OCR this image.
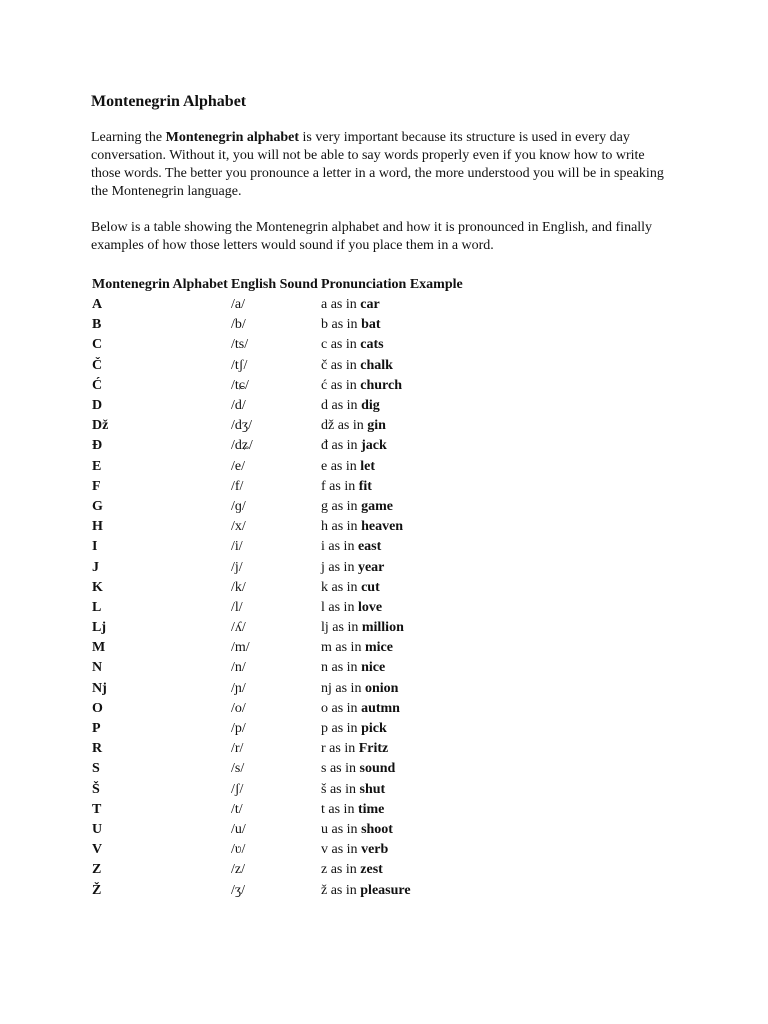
Montenegrin Alphabet

Learning the Montenegrin alphabet is very important because its structure is used in every day conversation. Without it, you will not be able to say words properly even if you know how to write those words. The better you pronounce a letter in a word, the more understood you will be in speaking the Montenegrin language.

Below is a table showing the Montenegrin alphabet and how it is pronounced in English, and finally examples of how those letters would sound if you place them in a word.

Montenegrin Alphabet	English Sound	Pronunciation Example
A	/a/	a as in car
B	/b/	b as in bat
C	/ts/	c as in cats
Č	/tʃ/	č as in chalk
Ć	/tɕ/	ć as in church
D	/d/	d as in dig
Dž	/dʒ/	dž as in gin
Đ	/dʑ/	đ as in jack
E	/e/	e as in let
F	/f/	f as in fit
G	/ɡ/	g as in game
H	/x/	h as in heaven
I	/i/	i as in east
J	/j/	j as in year
K	/k/	k as in cut
L	/l/	l as in love
Lj	/ʎ/	lj as in million
M	/m/	m as in mice
N	/n/	n as in nice
Nj	/ɲ/	nj as in onion
O	/o/	o as in autmn
P	/p/	p as in pick
R	/r/	r as in Fritz
S	/s/	s as in sound
Š	/ʃ/	š as in shut
T	/t/	t as in time
U	/u/	u as in shoot
V	/ʋ/	v as in verb
Z	/z/	z as in zest
Ž	/ʒ/	ž as in pleasure
